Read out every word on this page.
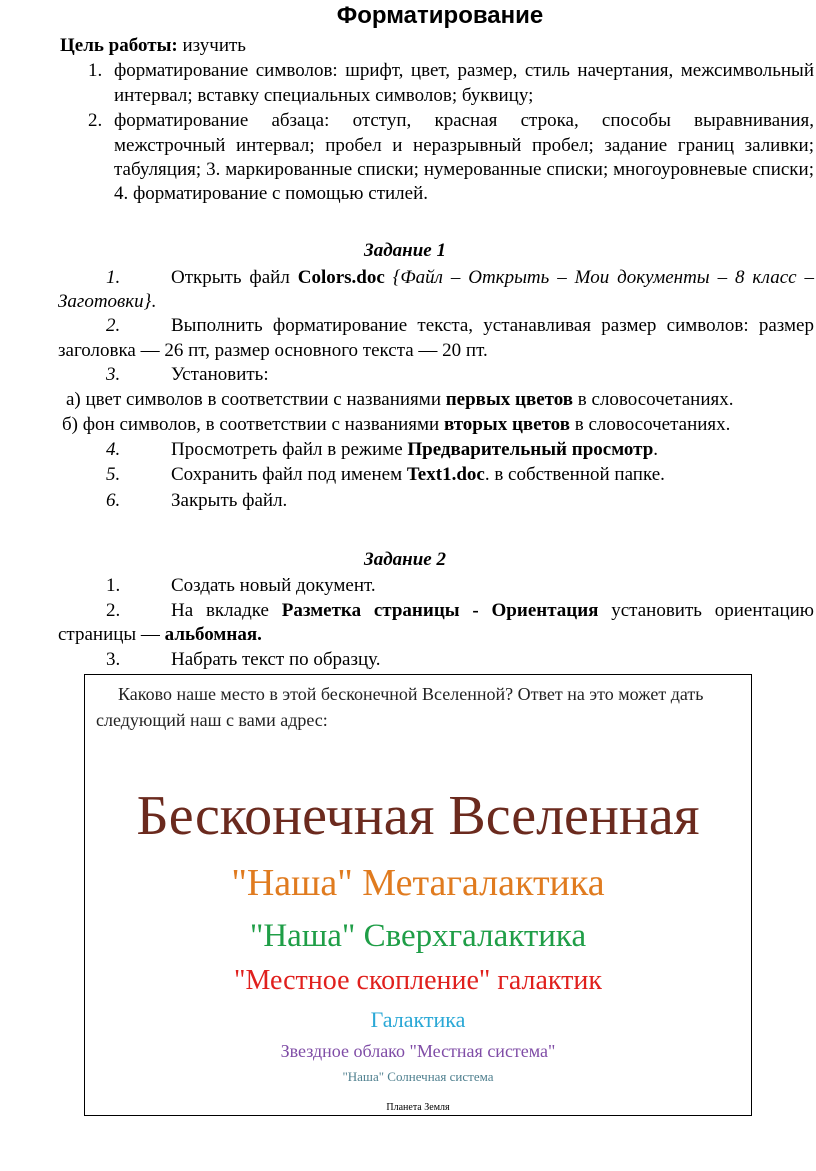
Форматирование
Цель работы: изучить
1. форматирование символов: шрифт, цвет, размер, стиль начертания, межсимвольный
интервал; вставку специальных символов; буквицу;
2. форматирование абзаца: отступ, красная строка, способы выравнивания,
межстрочный интервал; пробел и неразрывный пробел; задание границ заливки;
табуляция; 3. маркированные списки; нумерованные списки; многоуровневые списки;
4. форматирование с помощью стилей.
Задание 1
1.	Открыть файл Colors.doc {Файл – Открыть – Мои документы – 8 класс –
Заготовки}.
2.	Выполнить форматирование текста, устанавливая размер символов: размер
заголовка — 26 пт, размер основного текста — 20 пт.
3.	Установить:
а) цвет символов в соответствии с названиями первых цветов в словосочетаниях.
б) фон символов, в соответствии с названиями вторых цветов в словосочетаниях.
4.	Просмотреть файл в режиме Предварительный просмотр.
5.	Сохранить файл под именем Text1.doc. в собственной папке.
6.	Закрыть файл.
Задание 2
1.	Создать новый документ.
2.	На вкладке Разметка страницы - Ориентация установить ориентацию
страницы — альбомная.
3.	Набрать текст по образцу.
Каково наше место в этой бесконечной Вселенной? Ответ на это может дать
следующий наш с вами адрес:
Бесконечная Вселенная
"Наша" Метагалактика
"Наша" Сверхгалактика
"Местное скопление" галактик
Галактика
Звездное облако "Местная система"
"Наша" Солнечная система
Планета Земля
